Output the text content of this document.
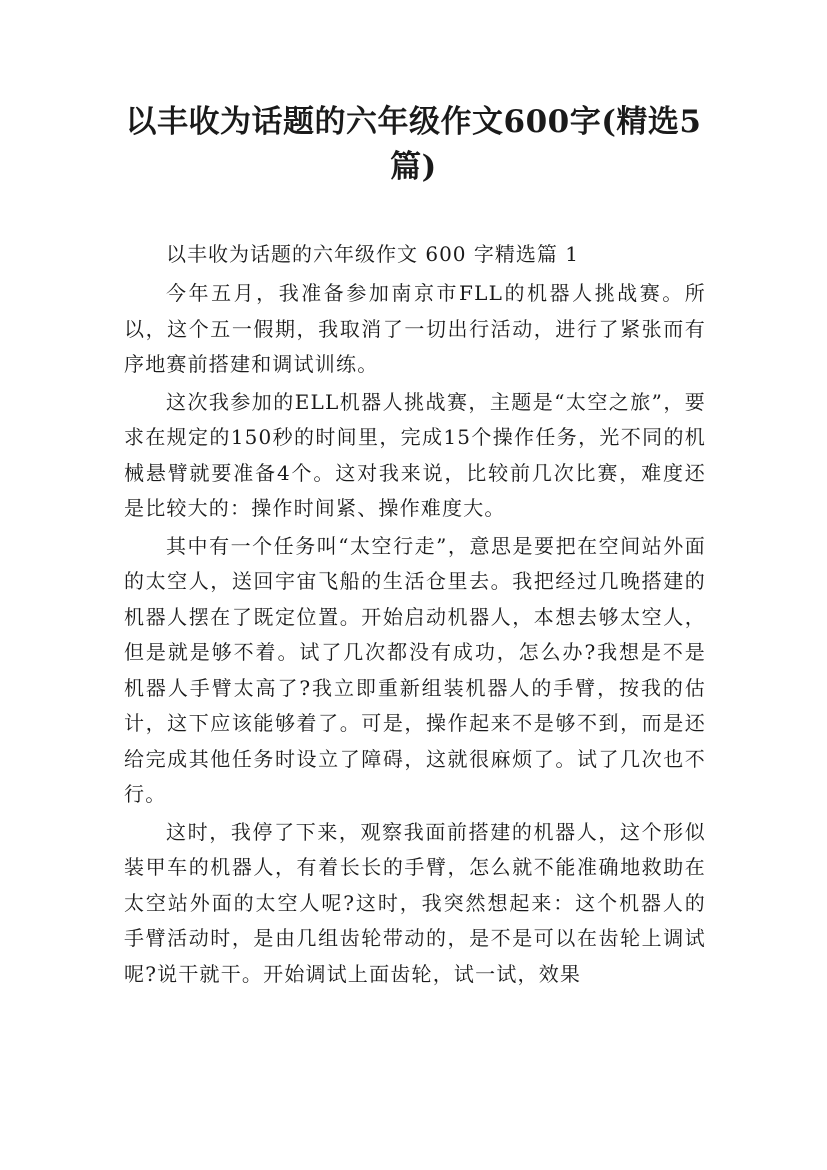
以丰收为话题的六年级作文600字(精选5篇)

以丰收为话题的六年级作文 600 字精选篇 1

今年五月，我准备参加南京市FLL的机器人挑战赛。所以，这个五一假期，我取消了一切出行活动，进行了紧张而有序地赛前搭建和调试训练。

这次我参加的ELL机器人挑战赛，主题是“太空之旅”，要求在规定的150秒的时间里，完成15个操作任务，光不同的机械悬臂就要准备4个。这对我来说，比较前几次比赛，难度还是比较大的：操作时间紧、操作难度大。

其中有一个任务叫“太空行走”，意思是要把在空间站外面的太空人，送回宇宙飞船的生活仓里去。我把经过几晚搭建的机器人摆在了既定位置。开始启动机器人，本想去够太空人，但是就是够不着。试了几次都没有成功，怎么办?我想是不是机器人手臂太高了?我立即重新组装机器人的手臂，按我的估计，这下应该能够着了。可是，操作起来不是够不到，而是还给完成其他任务时设立了障碍，这就很麻烦了。试了几次也不行。

这时，我停了下来，观察我面前搭建的机器人，这个形似装甲车的机器人，有着长长的手臂，怎么就不能准确地救助在太空站外面的太空人呢?这时，我突然想起来：这个机器人的手臂活动时，是由几组齿轮带动的，是不是可以在齿轮上调试呢?说干就干。开始调试上面齿轮，试一试，效果
